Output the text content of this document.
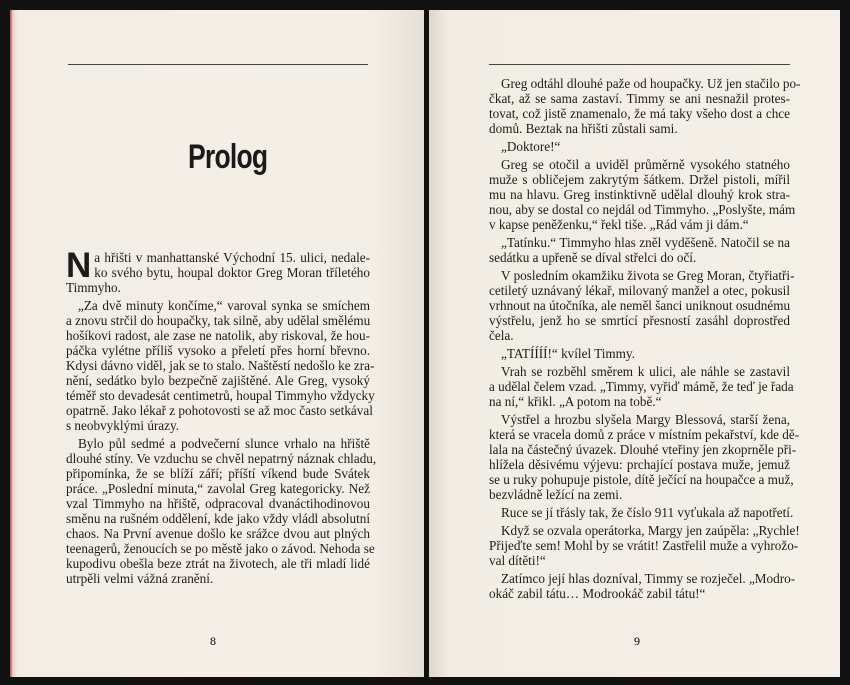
Prolog
N a hřišti v manhattanské Východní 15. ulici, nedale-
ko svého bytu, houpal doktor Greg Moran tříletého
Timmyho.
„Za dvě minuty končíme,“ varoval synka se smíchem
a znovu strčil do houpačky, tak silně, aby udělal smělému
hošíkovi radost, ale zase ne natolik, aby riskoval, že hou-
páčka vylétne příliš vysoko a přeletí přes horní břevno.
Kdysi dávno viděl, jak se to stalo. Naštěstí nedošlo ke zra-
nění, sedátko bylo bezpečně zajištěné. Ale Greg, vysoký
téměř sto devadesát centimetrů, houpal Timmyho vždycky
opatrně. Jako lékař z pohotovosti se až moc často setkával
s neobvyklými úrazy.
Bylo půl sedmé a podvečerní slunce vrhalo na hřiště
dlouhé stíny. Ve vzduchu se chvěl nepatrný náznak chladu,
připomínka, že se blíží září; příští víkend bude Svátek
práce. „Poslední minuta,“ zavolal Greg kategoricky. Než
vzal Timmyho na hřiště, odpracoval dvanáctihodinovou
směnu na rušném oddělení, kde jako vždy vládl absolutní
chaos. Na První avenue došlo ke srážce dvou aut plných
teenagerů, ženoucích se po městě jako o závod. Nehoda se
kupodivu obešla beze ztrát na životech, ale tři mladí lidé
utrpěli velmi vážná zranění.
8
Greg odtáhl dlouhé paže od houpačky. Už jen stačilo po-
čkat, až se sama zastaví. Timmy se ani nesnažil protes-
tovat, což jistě znamenalo, že má taky všeho dost a chce
domů. Beztak na hřišti zůstali sami.
„Doktore!“
Greg se otočil a uviděl průměrně vysokého statného
muže s obličejem zakrytým šátkem. Držel pistoli, mířil
mu na hlavu. Greg instinktivně udělal dlouhý krok stra-
nou, aby se dostal co nejdál od Timmyho. „Poslyšte, mám
v kapse peněženku,“ řekl tiše. „Rád vám ji dám.“
„Tatínku.“ Timmyho hlas zněl vyděšeně. Natočil se na
sedátku a upřeně se díval střelci do očí.
V posledním okamžiku života se Greg Moran, čtyřiatři-
cetiletý uznávaný lékař, milovaný manžel a otec, pokusil
vrhnout na útočníka, ale neměl šanci uniknout osudnému
výstřelu, jenž ho se smrtící přesností zasáhl doprostřed
čela.
„TATÍÍÍÍ!“ kvílel Timmy.
Vrah se rozběhl směrem k ulici, ale náhle se zastavil
a udělal čelem vzad. „Timmy, vyřiď mámě, že teď je řada
na ní,“ křikl. „A potom na tobě.“
Výstřel a hrozbu slyšela Margy Blessová, starší žena,
která se vracela domů z práce v místním pekařství, kde dě-
lala na částečný úvazek. Dlouhé vteřiny jen zkoprněle při-
hlížela děsivému výjevu: prchající postava muže, jemuž
se u ruky pohupuje pistole, dítě ječící na houpačce a muž,
bezvládně ležící na zemi.
Ruce se jí třásly tak, že číslo 911 vyťukala až napotřetí.
Když se ozvala operátorka, Margy jen zaúpěla: „Rychle!
Přijeďte sem! Mohl by se vrátit! Zastřelil muže a vyhrožo-
val dítěti!“
Zatímco její hlas dozníval, Timmy se rozječel. „Modro-
okáč zabil tátu… Modrookáč zabil tátu!“
9
